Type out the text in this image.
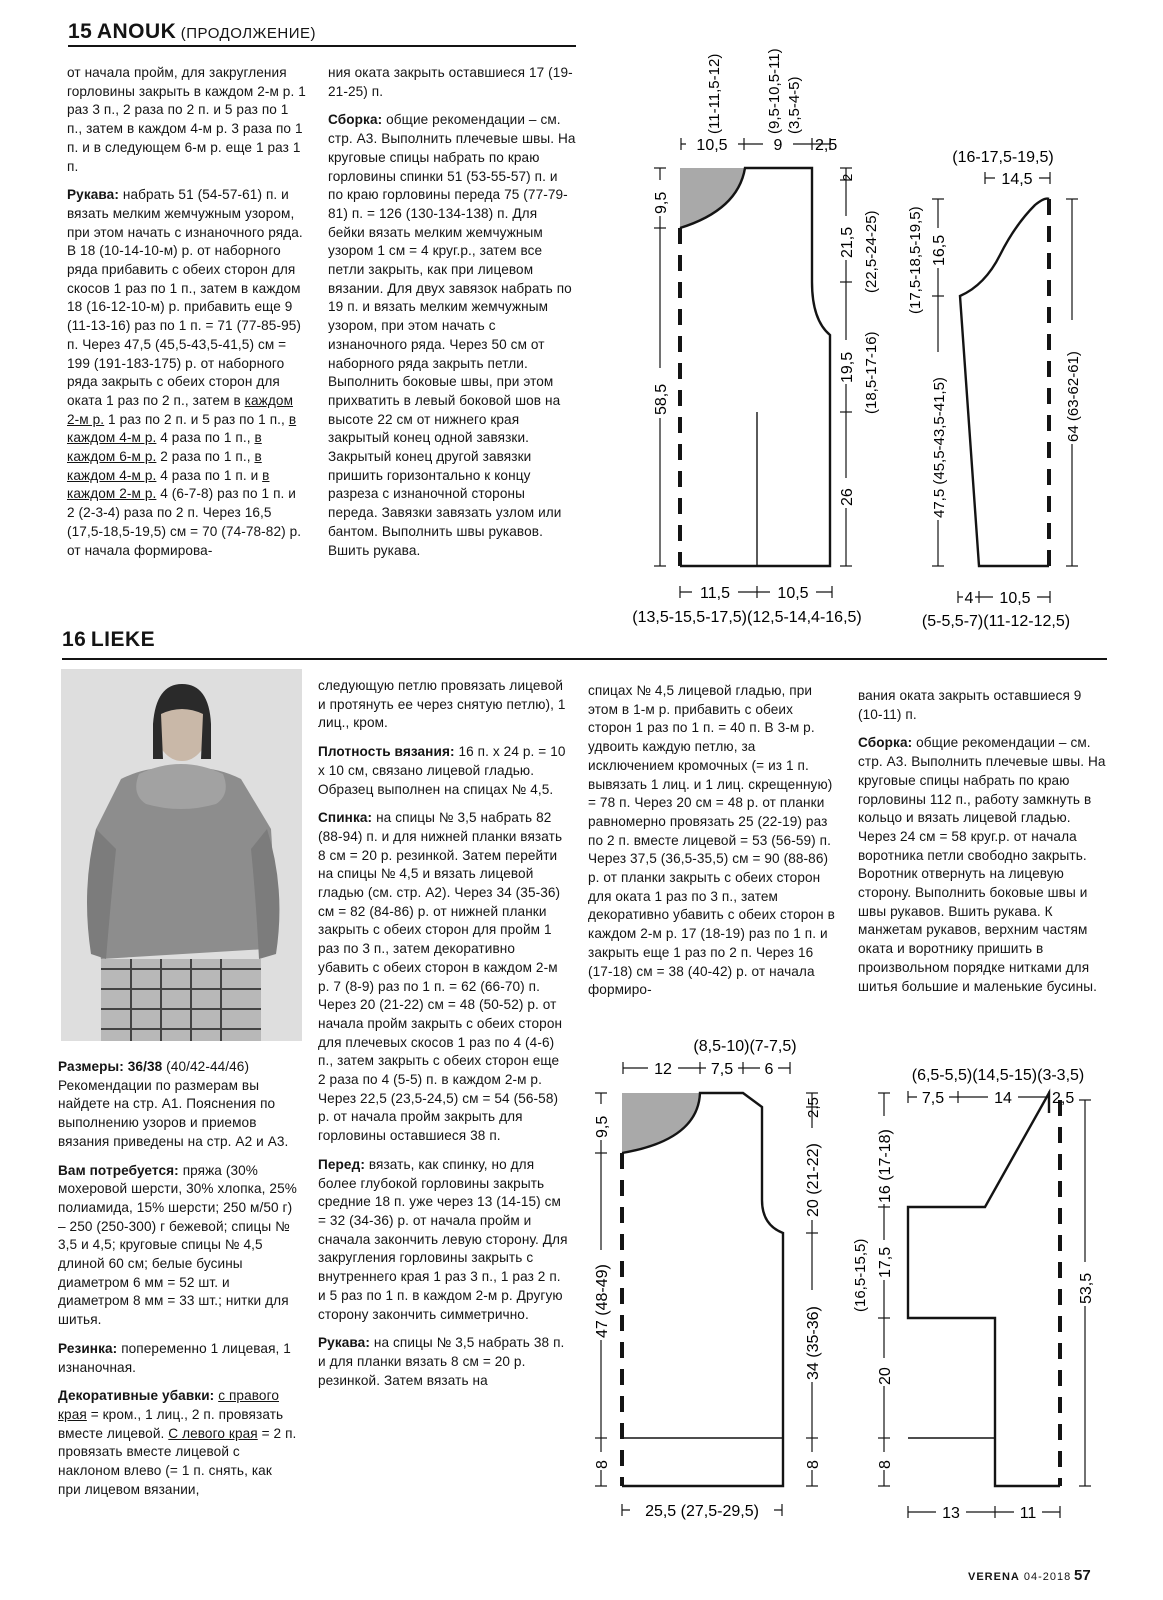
15 ANOUK (ПРОДОЛЖЕНИЕ)

от начала пройм, для закругления горловины закрыть в каждом 2-м р. 1 раз 3 п., 2 раза по 2 п. и 5 раз по 1 п., затем в каждом 4-м р. 3 раза по 1 п. и в следующем 6-м р. еще 1 раз 1 п.

Рукава: набрать 51 (54-57-61) п. и вязать мелким жемчужным узором, при этом начать с изнаночного ряда. В 18 (10-14-10-м) р. от наборного ряда прибавить с обеих сторон для скосов 1 раз по 1 п., затем в каждом 18 (16-12-10-м) р. прибавить еще 9 (11-13-16) раз по 1 п. = 71 (77-85-95) п. Через 47,5 (45,5-43,5-41,5) см = 199 (191-183-175) р. от наборного ряда закрыть с обеих сторон для оката 1 раз по 2 п., затем в каждом 2-м р. 1 раз по 2 п. и 5 раз по 1 п., в каждом 4-м р. 4 раза по 1 п., в каждом 6-м р. 2 раза по 1 п., в каждом 4-м р. 4 раза по 1 п. и в каждом 2-м р. 4 (6-7-8) раз по 1 п. и 2 (2-3-4) раза по 2 п. Через 16,5 (17,5-18,5-19,5) см = 70 (74-78-82) р. от начала формирова-

ния оката закрыть оставшиеся 17 (19-21-25) п.

Сборка: общие рекомендации – см. стр. А3. Выполнить плечевые швы. На круговые спицы набрать по краю горловины спинки 51 (53-55-57) п. и по краю горловины переда 75 (77-79-81) п. = 126 (130-134-138) п. Для бейки вязать мелким жемчужным узором 1 см = 4 круг.р., затем все петли закрыть, как при лицевом вязании. Для двух завязок набрать по 19 п. и вязать мелким жемчужным узором, при этом начать с изнаночного ряда. Через 50 см от наборного ряда закрыть петли. Выполнить боковые швы, при этом прихватить в левый боковой шов на высоте 22 см от нижнего края закрытый конец одной завязки. Закрытый конец другой завязки пришить горизонтально к концу разреза с изнаночной стороны переда. Завязки завязать узлом или бантом. Выполнить швы рукавов. Вшить рукава.

10,5	9 2,5
(11-11,5-12)	(9,5-10,5-11) (3,5-4-5)
9,5
58,5
2
21,5 (22,5-24-25)
19,5 (18,5-17-16)
26
11,5	10,5
(13,5-15,5-17,5)(12,5-14,4-16,5)
(16-17,5-19,5)
14,5
16,5
(17,5-18,5-19,5)
47,5 (45,5-43,5-41,5)	64 (63-62-61)
4 10,5
(5-5,5-7)(11-12-12,5)
16 LIEKE

Размеры: 36/38 (40/42-44/46) Рекомендации по размерам вы найдете на стр. А1. Пояснения по выполнению узоров и приемов вязания приведены на стр. А2 и А3.

Вам потребуется: пряжа (30% мохеровой шерсти, 30% хлопка, 25% полиамида, 15% шерсти; 250 м/50 г) – 250 (250-300) г бежевой; спицы № 3,5 и 4,5; круговые спицы № 4,5 длиной 60 см; белые бусины диаметром 6 мм = 52 шт. и диаметром 8 мм = 33 шт.; нитки для шитья.

Резинка: попеременно 1 лицевая, 1 изнаночная.

Декоративные убавки: с правого края = кром., 1 лиц., 2 п. провязать вместе лицевой. С левого края = 2 п. провязать вместе лицевой с наклоном влево (= 1 п. снять, как при лицевом вязании,

следующую петлю провязать лицевой и протянуть ее через снятую петлю), 1 лиц., кром.

Плотность вязания: 16 п. х 24 р. = 10 х 10 см, связано лицевой гладью. Образец выполнен на спицах № 4,5.

Спинка: на спицы № 3,5 набрать 82 (88-94) п. и для нижней планки вязать 8 см = 20 р. резинкой. Затем перейти на спицы № 4,5 и вязать лицевой гладью (см. стр. А2). Через 34 (35-36) см = 82 (84-86) р. от нижней планки закрыть с обеих сторон для пройм 1 раз по 3 п., затем декоративно убавить с обеих сторон в каждом 2-м р. 7 (8-9) раз по 1 п. = 62 (66-70) п. Через 20 (21-22) см = 48 (50-52) р. от начала пройм закрыть с обеих сторон для плечевых скосов 1 раз по 4 (4-6) п., затем закрыть с обеих сторон еще 2 раза по 4 (5-5) п. в каждом 2-м р. Через 22,5 (23,5-24,5) см = 54 (56-58) р. от начала пройм закрыть для горловины оставшиеся 38 п.

Перед: вязать, как спинку, но для более глубокой горловины закрыть средние 18 п. уже через 13 (14-15) см = 32 (34-36) р. от начала пройм и сначала закончить левую сторону. Для закругления горловины закрыть с внутреннего края 1 раз 3 п., 1 раз 2 п. и 5 раз по 1 п. в каждом 2-м р. Другую сторону закончить симметрично.

Рукава: на спицы № 3,5 набрать 38 п. и для планки вязать 8 см = 20 р. резинкой. Затем вязать на

спицах № 4,5 лицевой гладью, при этом в 1-м р. прибавить с обеих сторон 1 раз по 1 п. = 40 п. В 3-м р. удвоить каждую петлю, за исключением кромочных (= из 1 п. вывязать 1 лиц. и 1 лиц. скрещенную) = 78 п. Через 20 см = 48 р. от планки равномерно провязать 25 (22-19) раз по 2 п. вместе лицевой = 53 (56-59) п. Через 37,5 (36,5-35,5) см = 90 (88-86) р. от планки закрыть с обеих сторон для оката 1 раз по 3 п., затем декоративно убавить с обеих сторон в каждом 2-м р. 17 (18-19) раз по 1 п. и закрыть еще 1 раз по 2 п. Через 16 (17-18) см = 38 (40-42) р. от начала формиро-

вания оката закрыть оставшиеся 9 (10-11) п.

Сборка: общие рекомендации – см. стр. А3. Выполнить плечевые швы. На круговые спицы набрать по краю горловины 112 п., работу замкнуть в кольцо и вязать лицевой гладью. Через 24 см = 58 круг.р. от начала воротника петли свободно закрыть. Воротник отвернуть на лицевую сторону. Выполнить боковые швы и швы рукавов. Вшить рукава. К манжетам рукавов, верхним частям оката и воротнику пришить в произвольном порядке нитками для шитья большие и маленькие бусины.

(8,5-10)(7-7,5)
12 7,5 6
9,5
47 (48-49)
8
2,5
20 (21-22)
34 (35-36)
8
25,5 (27,5-29,5)
(6,5-5,5)(14,5-15)(3-3,5)
7,5	14	2,5
16 (17-18)
17,5
(16,5-15,5)
20
8
53,5
13	11
VERENA 04-2018 57
